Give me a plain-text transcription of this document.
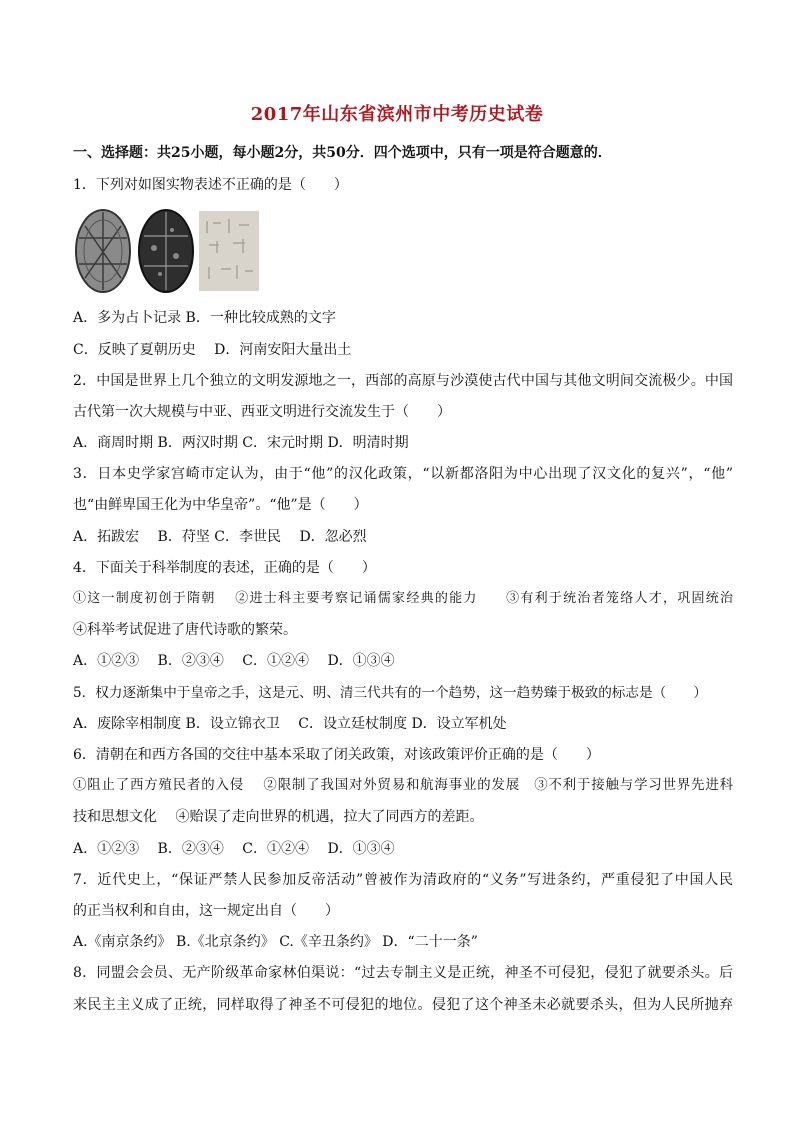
2017年山东省滨州市中考历史试卷
一、选择题：共25小题，每小题2分，共50分．四个选项中，只有一项是符合题意的．
1．下列对如图实物表述不正确的是（　　）
A．多为占卜记录 B．一种比较成熟的文字
C．反映了夏朝历史　 D．河南安阳大量出土
2．中国是世界上几个独立的文明发源地之一，西部的高原与沙漠使古代中国与其他文明间交流极少。中国
古代第一次大规模与中亚、西亚文明进行交流发生于（　　）
A．商周时期 B．两汉时期 C．宋元时期 D．明清时期
3．日本史学家宫崎市定认为，由于“他”的汉化政策，“以新都洛阳为中心出现了汉文化的复兴”，“他”
也“由鲜卑国王化为中华皇帝”。“他”是（　　）
A．拓跋宏　 B．苻坚 C．李世民　 D．忽必烈
4．下面关于科举制度的表述，正确的是（　　）
①这一制度初创于隋朝　 ②进士科主要考察记诵儒家经典的能力　　③有利于统治者笼络人才，巩固统治
④科举考试促进了唐代诗歌的繁荣。
A．①②③　 B．②③④　 C．①②④　 D．①③④
5．权力逐渐集中于皇帝之手，这是元、明、清三代共有的一个趋势，这一趋势臻于极致的标志是（　　）
A．废除宰相制度 B．设立锦衣卫　 C．设立廷杖制度 D．设立军机处
6．清朝在和西方各国的交往中基本采取了闭关政策，对该政策评价正确的是（　　）
①阻止了西方殖民者的入侵　 ②限制了我国对外贸易和航海事业的发展　③不利于接触与学习世界先进科
技和思想文化　 ④贻误了走向世界的机遇，拉大了同西方的差距。
A．①②③　 B．②③④　 C．①②④　 D．①③④
7．近代史上，“保证严禁人民参加反帝活动”曾被作为清政府的“义务”写进条约，严重侵犯了中国人民
的正当权利和自由，这一规定出自（　　）
A.《南京条约》 B.《北京条约》 C.《辛丑条约》 D．“二十一条”
8．同盟会会员、无产阶级革命家林伯渠说：“过去专制主义是正统，神圣不可侵犯，侵犯了就要杀头。后
来民主主义成了正统，同样取得了神圣不可侵犯的地位。侵犯了这个神圣未必就要杀头，但为人民所抛弃
